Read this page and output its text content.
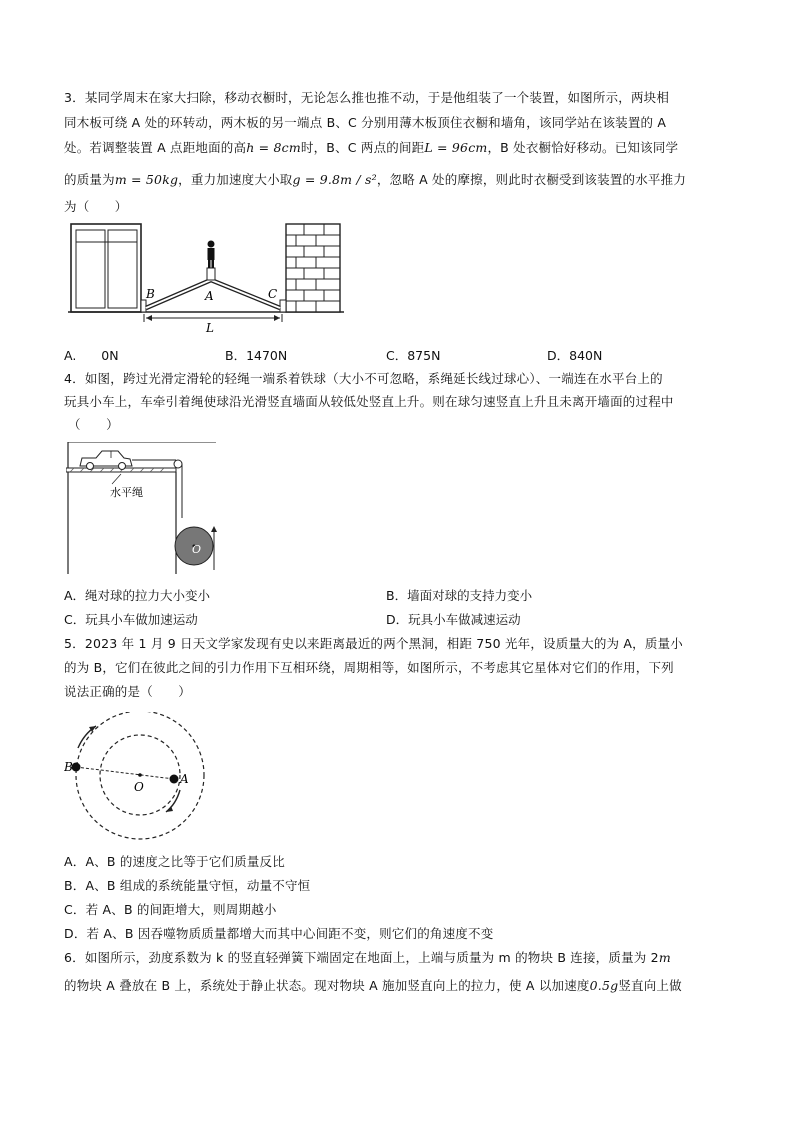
3．某同学周末在家大扫除，移动衣橱时，无论怎么推也推不动，于是他组装了一个装置，如图所示，两块相
同木板可绕 A 处的环转动，两木板的另一端点 B、C 分别用薄木板顶住衣橱和墙角，该同学站在该装置的 A
处。若调整装置 A 点距地面的高h = 8cm时，B、C 两点的间距L = 96cm，B 处衣橱恰好移动。已知该同学
的质量为m = 50kg，重力加速度大小取g = 9.8m / s²，忽略 A 处的摩擦，则此时衣橱受到该装置的水平推力
为（　　）
B	A	C
L
A.　　0N	B．1470N	C．875N	D．840N
4．如图，跨过光滑定滑轮的轻绳一端系着铁球（大小不可忽略，系绳延长线过球心）、一端连在水平台上的
玩具小车上，车牵引着绳使球沿光滑竖直墙面从较低处竖直上升。则在球匀速竖直上升且未离开墙面的过程中
（　　）
水平绳
O
A．绳对球的拉力大小变小	B．墙面对球的支持力变小
C．玩具小车做加速运动	D．玩具小车做减速运动
5．2023 年 1 月 9 日天文学家发现有史以来距离最近的两个黑洞，相距 750 光年，设质量大的为 A，质量小
的为 B，它们在彼此之间的引力作用下互相环绕，周期相等，如图所示，不考虑其它星体对它们的作用，下列
说法正确的是（　　）
B
O
A
A．A、B 的速度之比等于它们质量反比
B．A、B 组成的系统能量守恒，动量不守恒
C．若 A、B 的间距增大，则周期越小
D．若 A、B 因吞噬物质质量都增大而其中心间距不变，则它们的角速度不变
6．如图所示，劲度系数为 k 的竖直轻弹簧下端固定在地面上，上端与质量为 m 的物块 B 连接，质量为 2m
的物块 A 叠放在 B 上，系统处于静止状态。现对物块 A 施加竖直向上的拉力，使 A 以加速度0.5g竖直向上做
